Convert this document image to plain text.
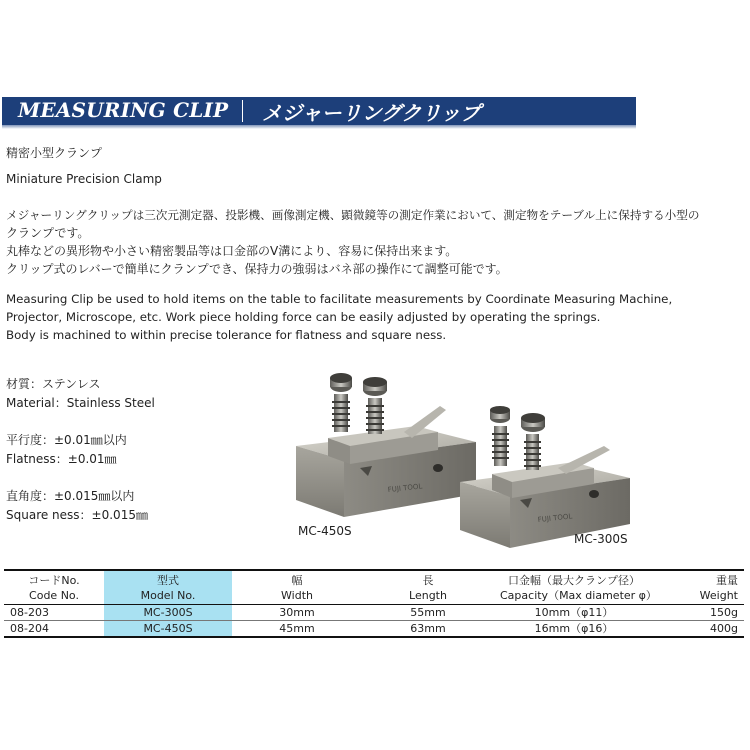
MEASURING CLIP メジャーリングクリップ
精密小型クランプ
Miniature Precision Clamp
メジャーリングクリップは三次元測定器、投影機、画像測定機、顕微鏡等の測定作業において、測定物をテーブル上に保持する小型の
クランプです。
丸棒などの異形物や小さい精密製品等は口金部のV溝により、容易に保持出来ます。
クリップ式のレバーで簡単にクランプでき、保持力の強弱はバネ部の操作にて調整可能です。
Measuring Clip be used to hold items on the table to facilitate measurements by Coordinate Measuring Machine,
Projector, Microscope, etc. Work piece holding force can be easily adjusted by operating the springs.
Body is machined to within precise tolerance for flatness and square ness.
材質：ステンレス
Material：Stainless Steel
平行度：±0.01㎜以内
Flatness：±0.01㎜
直角度：±0.015㎜以内
Square ness：±0.015㎜
FUJI TOOL
FUJI TOOL
MC-450S
MC-300S
コードNo.	型式	幅	長	口金幅（最大クランプ径）	重量
Code No.	Model No.	Width	Length	Capacity（Max diameter φ）	Weight
08-203	MC-300S	30mm	55mm	10mm（φ11）	150g
08-204	MC-450S	45mm	63mm	16mm（φ16）	400g
